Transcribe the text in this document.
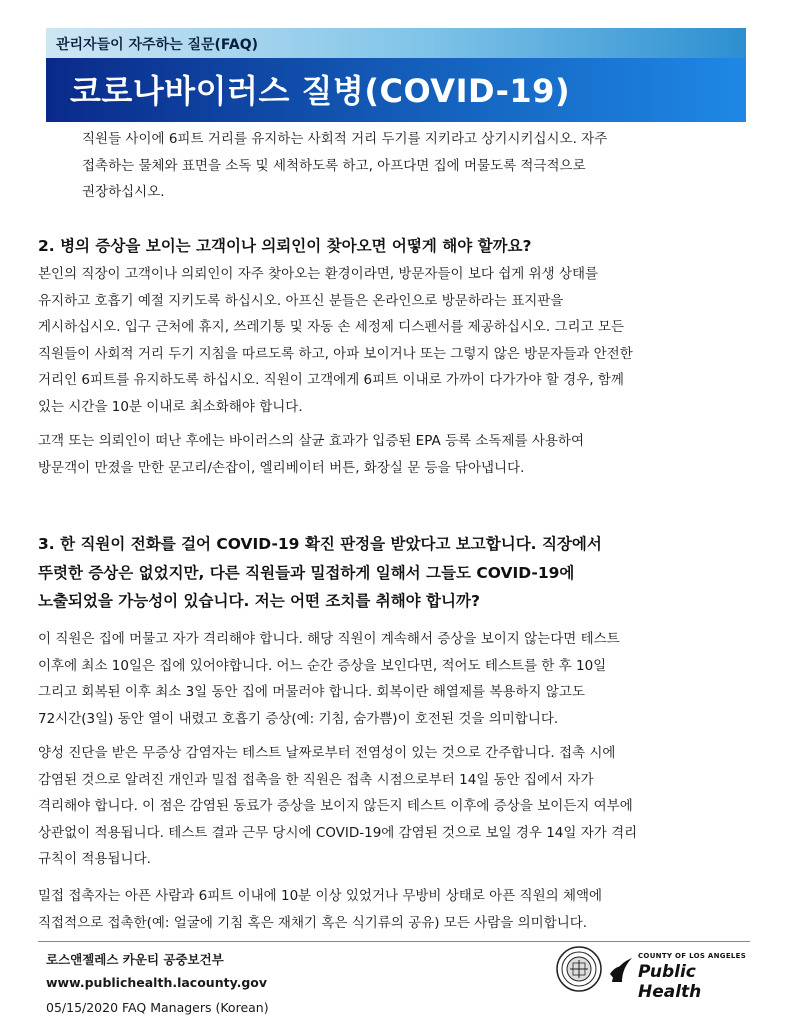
관리자들이 자주하는 질문(FAQ)
코로나바이러스 질병(COVID-19)
직원들 사이에 6피트 거리를 유지하는 사회적 거리 두기를 지키라고 상기시키십시오. 자주
접촉하는 물체와 표면을 소독 및 세척하도록 하고, 아프다면 집에 머물도록 적극적으로
권장하십시오.
2. 병의 증상을 보이는 고객이나 의뢰인이 찾아오면 어떻게 해야 할까요?
본인의 직장이 고객이나 의뢰인이 자주 찾아오는 환경이라면, 방문자들이 보다 쉽게 위생 상태를
유지하고 호흡기 예절 지키도록 하십시오. 아프신 분들은 온라인으로 방문하라는 표지판을
게시하십시오. 입구 근처에 휴지, 쓰레기통 및 자동 손 세정제 디스펜서를 제공하십시오. 그리고 모든
직원들이 사회적 거리 두기 지침을 따르도록 하고, 아파 보이거나 또는 그렇지 않은 방문자들과 안전한
거리인 6피트를 유지하도록 하십시오. 직원이 고객에게 6피트 이내로 가까이 다가가야 할 경우, 함께
있는 시간을 10분 이내로 최소화해야 합니다.
고객 또는 의뢰인이 떠난 후에는 바이러스의 살균 효과가 입증된 EPA 등록 소독제를 사용하여
방문객이 만졌을 만한 문고리/손잡이, 엘리베이터 버튼, 화장실 문 등을 닦아냅니다.
3. 한 직원이 전화를 걸어 COVID-19 확진 판정을 받았다고 보고합니다. 직장에서
뚜렷한 증상은 없었지만, 다른 직원들과 밀접하게 일해서 그들도 COVID-19에
노출되었을 가능성이 있습니다. 저는 어떤 조치를 취해야 합니까?
이 직원은 집에 머물고 자가 격리해야 합니다. 해당 직원이 계속해서 증상을 보이지 않는다면 테스트
이후에 최소 10일은 집에 있어야합니다. 어느 순간 증상을 보인다면, 적어도 테스트를 한 후 10일
그리고 회복된 이후 최소 3일 동안 집에 머물러야 합니다. 회복이란 해열제를 복용하지 않고도
72시간(3일) 동안 열이 내렸고 호흡기 증상(예: 기침, 숨가쁨)이 호전된 것을 의미합니다.
양성 진단을 받은 무증상 감염자는 테스트 날짜로부터 전염성이 있는 것으로 간주합니다. 접촉 시에
감염된 것으로 알려진 개인과 밀접 접촉을 한 직원은 접촉 시점으로부터 14일 동안 집에서 자가
격리해야 합니다. 이 점은 감염된 동료가 증상을 보이지 않든지 테스트 이후에 증상을 보이든지 여부에
상관없이 적용됩니다. 테스트 결과 근무 당시에 COVID-19에 감염된 것으로 보일 경우 14일 자가 격리
규칙이 적용됩니다.
밀접 접촉자는 아픈 사람과 6피트 이내에 10분 이상 있었거나 무방비 상태로 아픈 직원의 체액에
직접적으로 접촉한(예: 얼굴에 기침 혹은 재채기 혹은 식기류의 공유) 모든 사람을 의미합니다.
로스앤젤레스 카운티 공중보건부
www.publichealth.lacounty.gov
05/15/2020 FAQ Managers (Korean)
COUNTY OF LOS ANGELES
Public Health
